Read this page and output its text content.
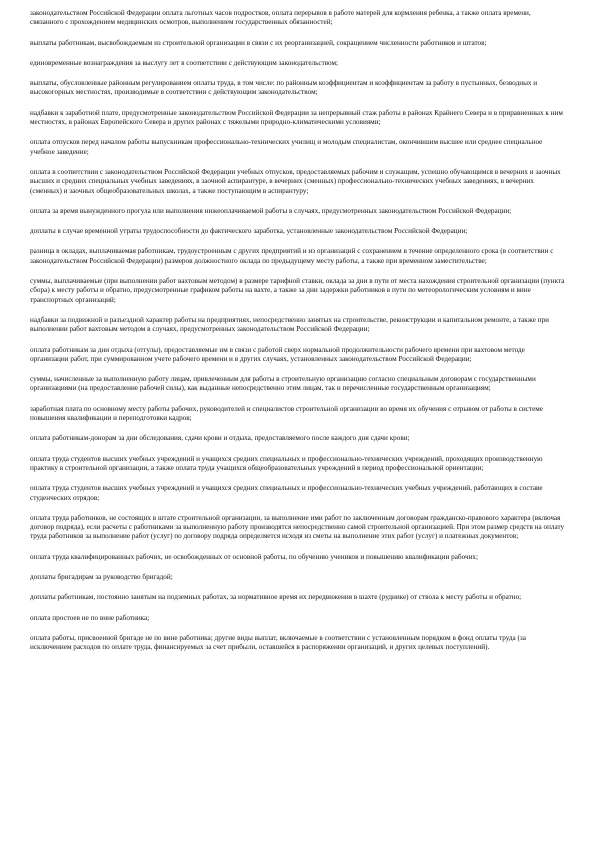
законодательством Российской Федерации оплата льготных часов подростков, оплата перерывов в работе матерей для кормления ребенка, а также оплата времени, связанного с прохождением медицинских осмотров, выполнением государственных обязанностей;

выплаты работникам, высвобождаемым из строительной организации в связи с их реорганизацией, сокращением численности работников и штатов;

единовременные вознаграждения за выслугу лет в соответствии с действующим законодательством;

выплаты, обусловленные районным регулированием оплаты труда, в том числе: по районным коэффициентам и коэффициентам за работу в пустынных, безводных и высокогорных местностях, производимые в соответствии с действующим законодательством;

надбавки к заработной плате, предусмотренные законодательством Российской Федерации за непрерывный стаж работы в районах Крайнего Севера и в приравненных к ним местностях, в районах Европейского Севера и других районах с тяжелыми природно-климатическими условиями;

оплата отпусков перед началом работы выпускникам профессионально-технических училищ и молодым специалистам, окончившим высшее или среднее специальное учебное заведение;

оплата в соответствии с законодательством Российской Федерации учебных отпусков, предоставляемых рабочим и служащим, успешно обучающимся в вечерних и заочных высших и средних специальных учебных заведениях, в заочной аспирантуре, в вечерних (сменных) профессионально-технических учебных заведениях, в вечерних (сменных) и заочных общеобразовательных школах, а также поступающим в аспирантуру;

оплата за время вынужденного прогула или выполнения нижеоплачиваемой работы в случаях, предусмотренных законодательством Российской Федерации;

доплаты в случае временной утраты трудоспособности до фактического заработка, установленные законодательством Российской Федерации;

разница в окладах, выплачиваемая работникам, трудоустроенным с других предприятий и из организаций с сохранением в течение определенного срока (в соответствии с законодательством Российской Федерации) размеров должностного оклада по предыдущему месту работы, а также при временном заместительстве;

суммы, выплачиваемые (при выполнении работ вахтовым методом) в размере тарифной ставки, оклада за дни в пути от места нахождения строительной организации (пункта сбора) к месту работы и обратно, предусмотренные графиком работы на вахте, а также за дни задержки работников в пути по метеорологическим условиям и вине транспортных организаций;

надбавки за подвижной и разъездной характер работы на предприятиях, непосредственно занятых на строительстве, реконструкции и капитальном ремонте, а также при выполнении работ вахтовым методом в случаях, предусмотренных законодательством Российской Федерации;

оплата работникам за дни отдыха (отгулы), предоставляемые им в связи с работой сверх нормальной продолжительности рабочего времени при вахтовом методе организации работ, при суммированном учете рабочего времени и в других случаях, установленных законодательством Российской Федерации;

суммы, начисленные за выполненную работу лицам, привлеченным для работы в строительную организацию согласно специальным договорам с государственными организациями (на предоставление рабочей силы), как выданные непосредственно этим лицам, так и перечисленные государственным организациям;

заработная плата по основному месту работы рабочих, руководителей и специалистов строительной организации во время их обучения с отрывом от работы в системе повышения квалификации и переподготовки кадров;

оплата работникам-донорам за дни обследования, сдачи крови и отдыха, предоставляемого после каждого дня сдачи крови;

оплата труда студентов высших учебных учреждений и учащихся средних специальных и профессионально-технических учреждений, проходящих производственную практику в строительной организации, а также оплата труда учащихся общеобразовательных учреждений в период профессиональной ориентации;

оплата труда студентов высших учебных учреждений и учащихся средних специальных и профессионально-технических учебных учреждений, работающих в составе студенческих отрядов;

оплата труда работников, не состоящих в штате строительной организации, за выполнение ими работ по заключенным договорам гражданско-правового характера (включая договор подряда), если расчеты с работниками за выполненную работу производятся непосредственно самой строительной организацией. При этом размер средств на оплату труда работников за выполнение работ (услуг) по договору подряда определяется исходя из сметы на выполнение этих работ (услуг) и платежных документов;

оплата труда квалифицированных рабочих, не освобожденных от основной работы, по обучению учеников и повышению квалификации рабочих;

доплаты бригадирам за руководство бригадой;

доплаты работникам, постоянно занятым на подземных работах, за нормативное время их передвижения в шахте (руднике) от ствола к месту работы и обратно;

оплата простоев не по вине работника;

оплата работы, присвоенной бригаде не по вине работника; другие виды выплат, включаемые в соответствии с установленным порядком в фонд оплаты труда (за исключением расходов по оплате труда, финансируемых за счет прибыли, оставшейся в распоряжении организаций, и других целевых поступлений).
